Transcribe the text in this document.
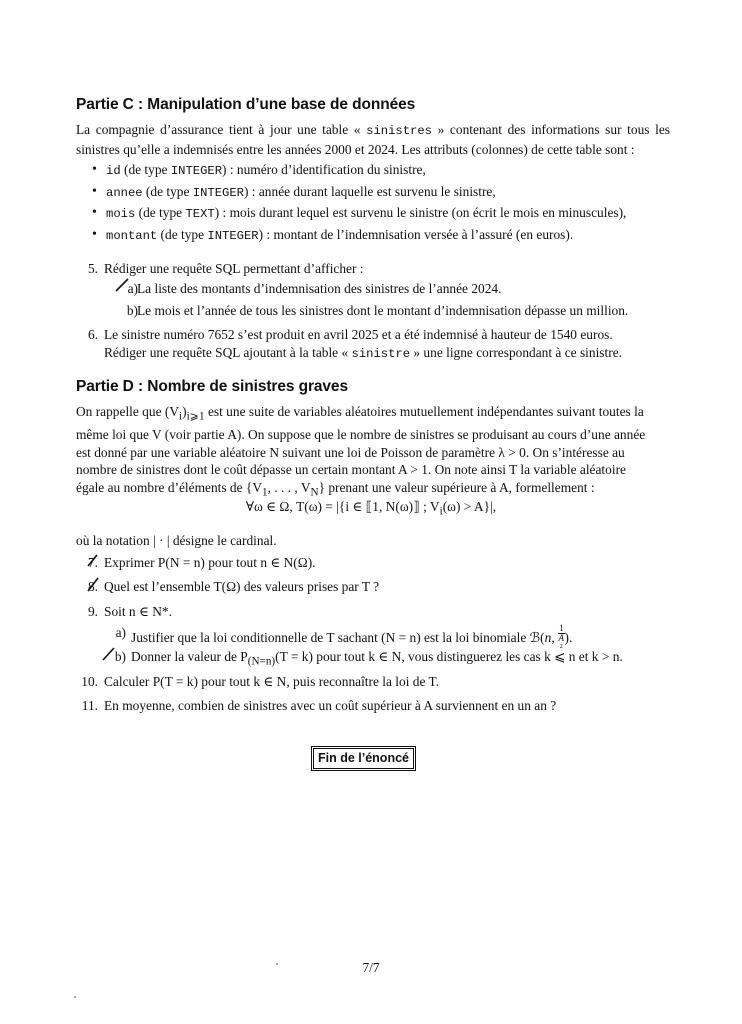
Partie C : Manipulation d’une base de données

La compagnie d’assurance tient à jour une table « sinistres » contenant des informations sur tous les sinistres qu’elle a indemnisés entre les années 2000 et 2024. Les attributs (colonnes) de cette table sont :

• id (de type INTEGER) : numéro d’identification du sinistre,
• annee (de type INTEGER) : année durant laquelle est survenu le sinistre,
• mois (de type TEXT) : mois durant lequel est survenu le sinistre (on écrit le mois en minuscules),
• montant (de type INTEGER) : montant de l’indemnisation versée à l’assuré (en euros).
5. Rédiger une requête SQL permettant d’afficher :
a) La liste des montants d’indemnisation des sinistres de l’année 2024.
b) Le mois et l’année de tous les sinistres dont le montant d’indemnisation dépasse un million.
6. Le sinistre numéro 7652 s’est produit en avril 2025 et a été indemnisé à hauteur de 1540 euros.
Rédiger une requête SQL ajoutant à la table « sinistre » une ligne correspondant à ce sinistre.
Partie D : Nombre de sinistres graves
On rappelle que $(V_i)_{i⩾1}$ est une suite de variables aléatoires mutuellement indépendantes suivant toutes la
même loi que V (voir partie A). On suppose que le nombre de sinistres se produisant au cours d’une année
est donné par une variable aléatoire N suivant une loi de Poisson de paramètre λ > 0. On s’intéresse au
nombre de sinistres dont le coût dépasse un certain montant A > 1. On note ainsi T la variable aléatoire
égale au nombre d’éléments de {$V_1$, . . . , $V_N$} prenant une valeur supérieure à A, formellement :
∀ω ∈ Ω, T(ω) = |{i ∈ ⟦1, N(ω)⟧ ; $V_i(\omega) > A\}|$,
où la notation | · | désigne le cardinal.
7. Exprimer P(N = n) pour tout n ∈ N(Ω).
8. Quel est l’ensemble T(Ω) des valeurs prises par T ?
9. Soit n ∈ N*.
a) Justifier que la loi conditionnelle de T sachant (N = n) est la loi binomiale ℬ(n, 1
A
$^2$ ).
b) Donner la valeur de $P_{(N=n)}(T = k)$ pour tout k ∈ N, vous distinguerez les cas k ⩽ n et k > n.
10. Calculer P(T = k) pour tout k ∈ N, puis reconnaître la loi de T.
11. En moyenne, combien de sinistres avec un coût supérieur à A surviennent en un an ?
Fin de l’énoncé
7/7
